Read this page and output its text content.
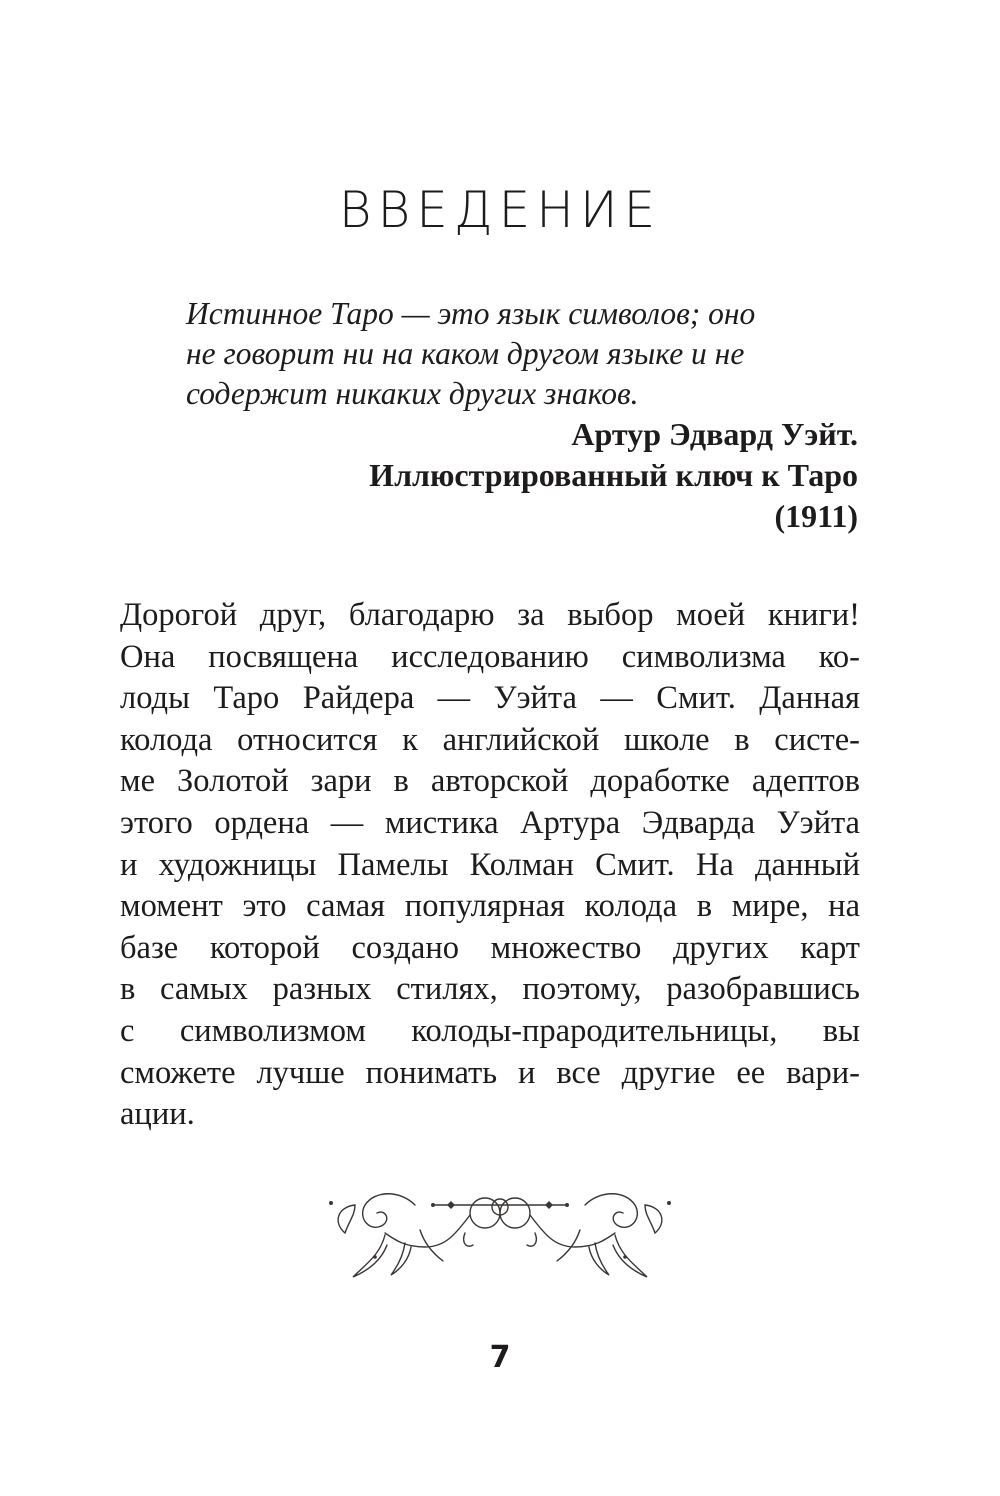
ВВЕДЕНИЕ
Истинное Таро — это язык символов; оно
не говорит ни на каком другом языке и не
содержит никаких других знаков.
Артур Эдвард Уэйт.
Иллюстрированный ключ к Таро
(1911)
Дорогой друг, благодарю за выбор моей книги!
Она посвящена исследованию символизма ко-
лоды Таро Райдера — Уэйта — Смит. Данная
колода относится к английской школе в систе-
ме Золотой зари в авторской доработке адептов
этого ордена — мистика Артура Эдварда Уэйта
и художницы Памелы Колман Смит. На данный
момент это самая популярная колода в мире, на
базе которой создано множество других карт
в самых разных стилях, поэтому, разобравшись
с символизмом колоды-прародительницы, вы
сможете лучше понимать и все другие ее вари-
ации.
7
